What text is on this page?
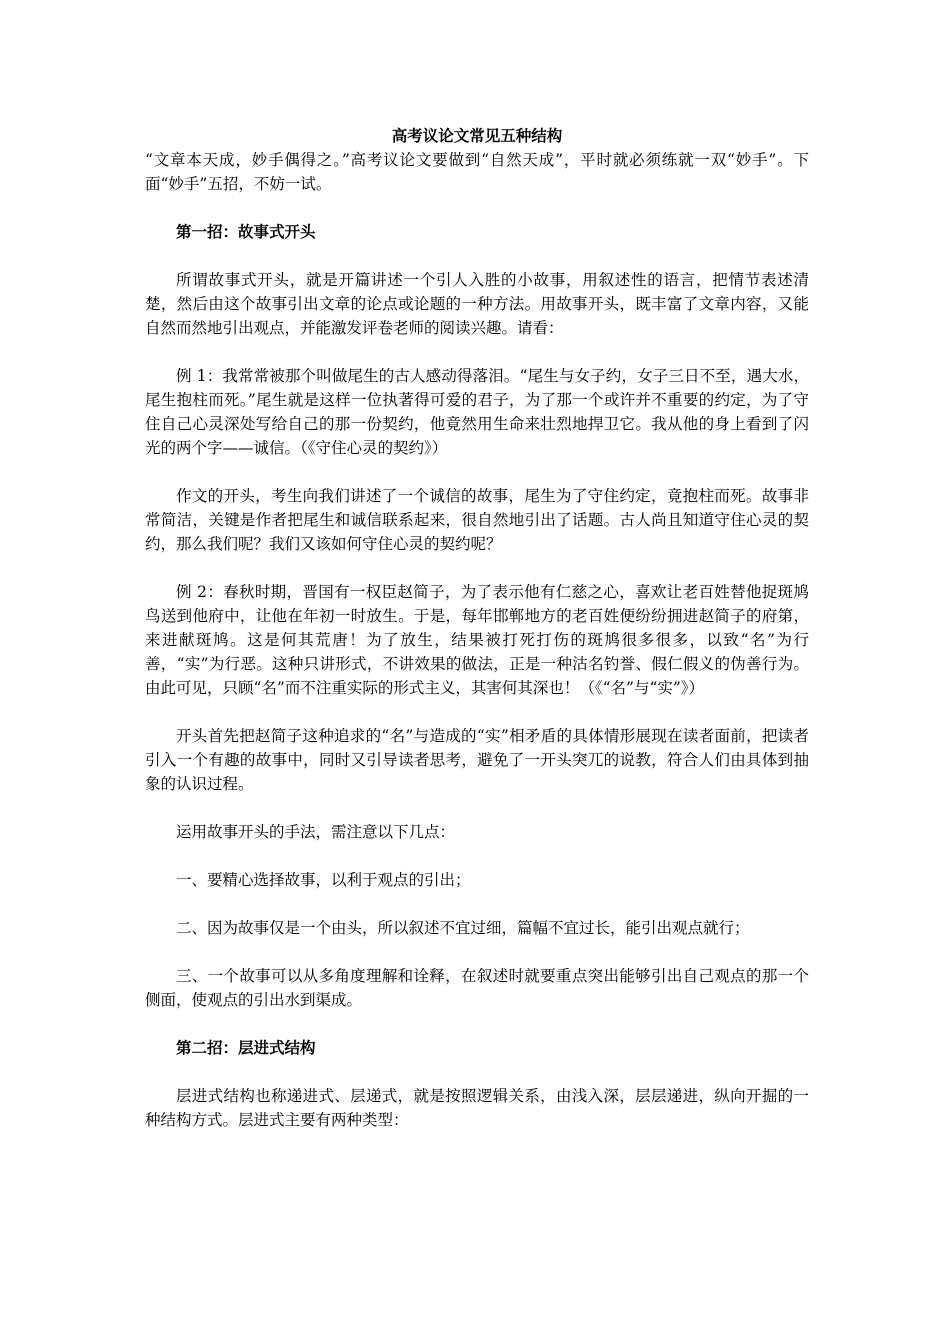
高考议论文常见五种结构

“文章本天成，妙手偶得之。”高考议论文要做到“自然天成”，平时就必须练就一双“妙手”。下面“妙手”五招，不妨一试。

第一招：故事式开头

所谓故事式开头，就是开篇讲述一个引人入胜的小故事，用叙述性的语言，把情节表述清楚，然后由这个故事引出文章的论点或论题的一种方法。用故事开头，既丰富了文章内容，又能自然而然地引出观点，并能激发评卷老师的阅读兴趣。请看：

例 1：我常常被那个叫做尾生的古人感动得落泪。“尾生与女子约，女子三日不至，遇大水，尾生抱柱而死。”尾生就是这样一位执著得可爱的君子，为了那一个或许并不重要的约定，为了守住自己心灵深处写给自己的那一份契约，他竟然用生命来壮烈地捍卫它。我从他的身上看到了闪光的两个字——诚信。（《守住心灵的契约》）

作文的开头，考生向我们讲述了一个诚信的故事，尾生为了守住约定，竟抱柱而死。故事非常简洁，关键是作者把尾生和诚信联系起来，很自然地引出了话题。古人尚且知道守住心灵的契约，那么我们呢？我们又该如何守住心灵的契约呢？

例 2：春秋时期，晋国有一权臣赵简子，为了表示他有仁慈之心，喜欢让老百姓替他捉斑鸠鸟送到他府中，让他在年初一时放生。于是，每年邯郸地方的老百姓便纷纷拥进赵简子的府第，来进献斑鸠。这是何其荒唐！为了放生，结果被打死打伤的斑鸠很多很多，以致“名”为行善，“实”为行恶。这种只讲形式，不讲效果的做法，正是一种沽名钓誉、假仁假义的伪善行为。由此可见，只顾“名”而不注重实际的形式主义，其害何其深也！（《“名”与“实”》）

开头首先把赵简子这种追求的“名”与造成的“实”相矛盾的具体情形展现在读者面前，把读者引入一个有趣的故事中，同时又引导读者思考，避免了一开头突兀的说教，符合人们由具体到抽象的认识过程。

运用故事开头的手法，需注意以下几点：

一、要精心选择故事，以利于观点的引出；

二、因为故事仅是一个由头，所以叙述不宜过细，篇幅不宜过长，能引出观点就行；

三、一个故事可以从多角度理解和诠释，在叙述时就要重点突出能够引出自己观点的那一个侧面，使观点的引出水到渠成。

第二招：层进式结构

层进式结构也称递进式、层递式，就是按照逻辑关系，由浅入深，层层递进，纵向开掘的一种结构方式。层进式主要有两种类型：
